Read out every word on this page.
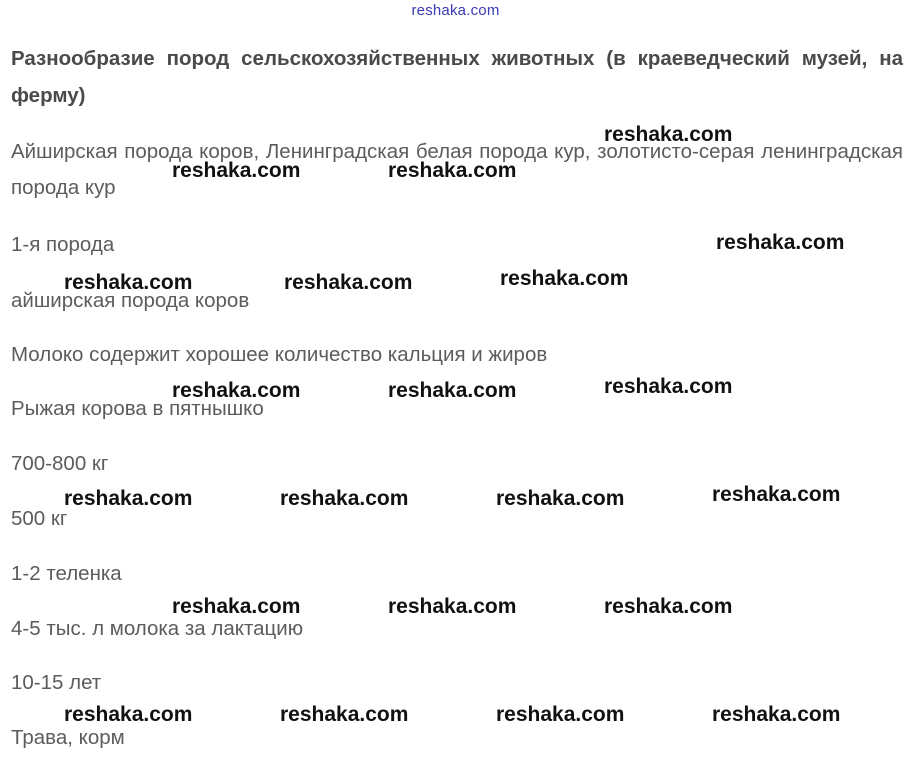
reshaka.com

Разнообразие пород сельскохозяйственных животных (в краеведческий музей, на ферму)

Айширская порода коров, Ленинградская белая порода кур, золотисто-серая ленинградская порода кур

1-я порода

айширская порода коров

Молоко содержит хорошее количество кальция и жиров

Рыжая корова в пятнышко

700-800 кг

500 кг

1-2 теленка

4-5 тыс. л молока за лактацию

10-15 лет

Трава, корм

reshaka.com
reshaka.com	reshaka.com
reshaka.com
reshaka.com
reshaka.com	reshaka.com
reshaka.com
reshaka.com	reshaka.com
reshaka.com
reshaka.com	reshaka.com	reshaka.com
reshaka.com	reshaka.com	reshaka.com
reshaka.com	reshaka.com	reshaka.com	reshaka.com
